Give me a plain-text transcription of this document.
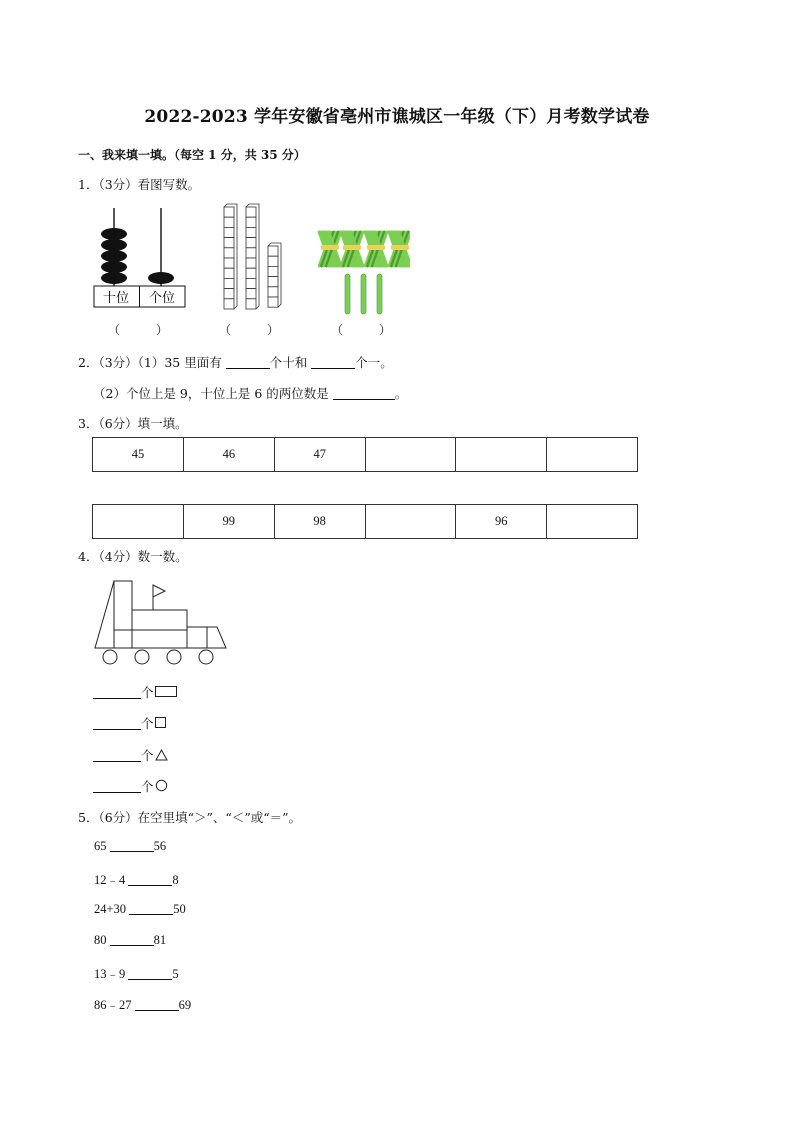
2022-2023 学年安徽省亳州市谯城区一年级（下）月考数学试卷
一、我来填一填。（每空 1 分，共 35 分）
1．（3分）看图写数。
十位 个位
（	）	（	）	（	）
2．（3分）（1）35 里面有	个十和	个一。
（2）个位上是 9，十位上是 6 的两位数是	。
3．（6分）填一填。
45	46	47			
	99	98		96	
4．（4分）数一数。
个
个
个
个
5．（6分）在空里填“＞”、“＜”或“＝”。
65	56
12﹣4	8
24+30	50
80	81
13﹣9	5
86﹣27	69
